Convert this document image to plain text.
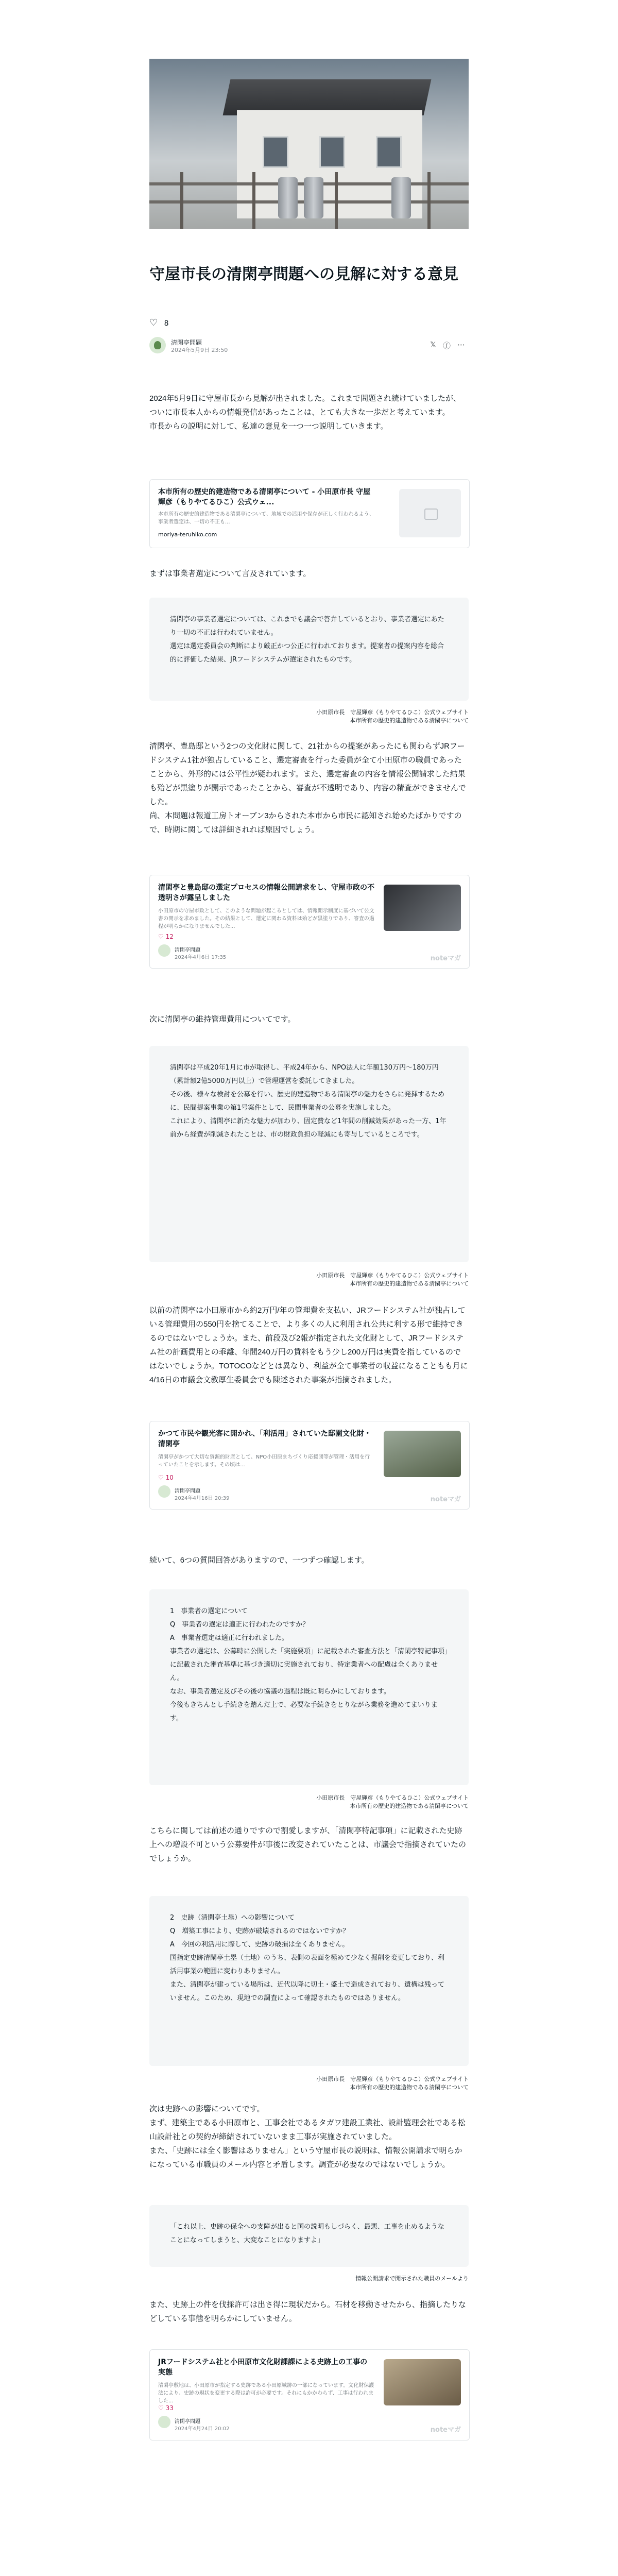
守屋市長の清閑亭問題への見解に対する意見
♡ 8
清閑亭問題
2024年5月9日 23:50
𝕏 ⓕ ⋯

2024年5月9日に守屋市長から見解が出されました。これまで問題され続けていましたが、ついに市長本人からの情報発信があったことは、とても大きな一歩だと考えています。
市長からの説明に対して、私達の意見を一つ一つ説明していきます。

本市所有の歴史的建造物である清閑亭について - 小田原市長 守屋輝彦（もりやてるひこ）公式ウェ...
本市所有の歴史的建造物である清閑亭について、地域での活用や保存が正しく行われるよう、事業者選定は、一切の不正も...
moriya-teruhiko.com

まずは事業者選定について言及されています。

清閑亭の事業者選定については、これまでも議会で答弁しているとおり、事業者選定にあたり一切の不正は行われていません。
選定は選定委員会の判断により厳正かつ公正に行われております。提案者の提案内容を総合的に評価した結果、JRフードシステムが選定されたものです。

小田原市長　守屋輝彦（もりやてるひこ）公式ウェブサイト
本市所有の歴史的建造物である清閑亭について

清閑亭、豊島邸という2つの文化財に関して、21社からの提案があったにも関わらずJRフードシステム1社が独占していること、選定審査を行った委員が全て小田原市の職員であったことから、外形的には公平性が疑われます。また、選定審査の内容を情報公開請求した結果も殆どが黒塗りが開示であったことから、審査が不透明であり、内容の精査ができませんでした。
尚、本問題は報道工房トオーブン3からされた本市から市民に認知され始めたばかりですので、時期に関しては詳細されれば原因でしょう。

清閑亭と豊島邸の選定プロセスの情報公開請求をし、守屋市政の不透明さが露呈しました
小田原市の守屋市政として、このような問題が起こるとしては、情報開示制度に基づいて公文書の開示を求めました。その結果として、選定に関わる資料は殆どが黒塗りであり、審査の過程が明らかになりませんでした...
♡ 12
清閑亭問題
2024年4月6日 17:35	noteマガ

次に清閑亭の維持管理費用についてです。

清閑亭は平成20年1月に市が取得し、平成24年から、NPO法人に年額130万円～180万円（累計額2億5000万円以上）で管理運営を委託してきました。
その後、様々な検討を公募を行い、歴史的建造物である清閑亭の魅力をさらに発揮するために、民間提案事業の第1号案件として、民間事業者の公募を実施しました。
これにより、清閑亭に新たな魅力が加わり、固定費など1年間の削減効果があった一方、1年前から経費が削減されたことは、市の財政負担の軽減にも寄与しているところです。

小田原市長　守屋輝彦（もりやてるひこ）公式ウェブサイト
本市所有の歴史的建造物である清閑亭について

以前の清閑亭は小田原市から約2万円/年の管理費を支払い、JRフードシステム社が独占している管理費用の550円を捨てることで、より多くの人に利用され公共に利する形で維持できるのではないでしょうか。また、前段及び2報が指定された文化財として、JRフードシステム社の計画費用との乖離、年間240万円の賃料をもう少し200万円は実費を指しているのではないでしょうか。TOTOCOなどとは異なり、利益が全て事業者の収益になることもも月に4/16日の市議会文教厚生委員会でも陳述された事案が指摘されました。

かつて市民や観光客に開かれ、「利活用」されていた邸園文化財・清閑亭
清閑亭がかつて大切な資源的財産として、NPO小田原まちづくり応援団等が管理・活用を行っていたことを示します。その頃は...
♡ 10
清閑亭問題
2024年4月16日 20:39	noteマガ

続いて、6つの質問回答がありますので、一つずつ確認します。

1　事業者の選定について
Q　事業者の選定は適正に行われたのですか？
A　事業者選定は適正に行われました。
事業者の選定は、公募時に公開した「実施要項」に記載された審査方法と「清閑亭特記事項」に記載された審査基準に基づき適切に実施されており、特定業者への配慮は全くありません。
なお、事業者選定及びその後の協議の過程は既に明らかにしております。
今後もきちんとし手続きを踏んだ上で、必要な手続きをとりながら業務を進めてまいります。

小田原市長　守屋輝彦（もりやてるひこ）公式ウェブサイト
本市所有の歴史的建造物である清閑亭について

こちらに関しては前述の通りですので割愛しますが、「清閑亭特記事項」に記載された史跡上への増設不可という公募要件が事後に改変されていたことは、市議会で指摘されていたのでしょうか。

2　史跡（清閑亭土塁）への影響について
Q　増築工事により、史跡が破壊されるのではないですか？
A　今回の利活用に際して、史跡の破損は全くありません。
国指定史跡清閑亭土塁（土地）のうち、表側の表面を極めて少なく掘削を変更しており、利活用事業の範囲に変わりありません。
また、清閑亭が建っている場所は、近代以降に切土・盛土で造成されており、遺構は残っていません。このため、現地での調査によって確認されたものではありません。

小田原市長　守屋輝彦（もりやてるひこ）公式ウェブサイト
本市所有の歴史的建造物である清閑亭について

次は史跡への影響についてです。
まず、建築主である小田原市と、工事会社であるタガワ建設工業社、設計監理会社である松山設計社との契約が締結されていないまま工事が実施されていました。
また、「史跡には全く影響はありません」という守屋市長の説明は、情報公開請求で明らかになっている市職員のメール内容と矛盾します。調査が必要なのではないでしょうか。

「これ以上、史跡の保全への支障が出ると国の説明もしづらく、最悪、工事を止めるようなことになってしまうと、大変なことになりますよ」

情報公開請求で開示された職員のメールより

また、史跡上の件を伐採許可は出さ得に現状だから。石材を移動させたから、指摘したりなどしている事態を明らかにしていません。

JRフードシステム社と小田原市文化財課課による史跡上の工事の実態
清閑亭敷地は、小田原市が指定する史跡である小田原城跡の一部になっています。文化財保護法により、史跡の現状を変更する際は許可が必要です。それにもかかわらず、工事は行われました...
♡ 33
清閑亭問題
2024年4月24日 20:02	noteマガ
